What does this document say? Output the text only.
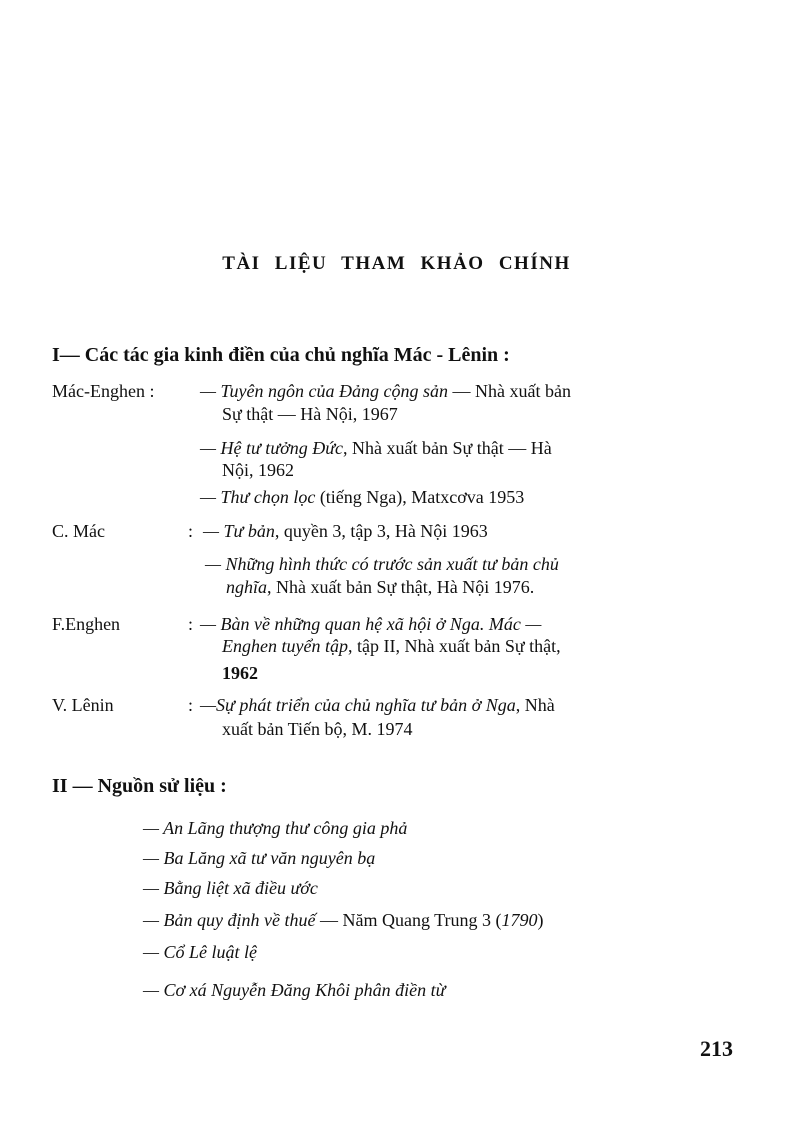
TÀI LIỆU THAM KHẢO CHÍNH
I— Các tác gia kinh điền của chủ nghĩa Mác - Lênin :
Mác-Enghen :
C. Mác
F.Enghen
V. Lênin
:
:
:
— Tuyên ngôn của Đảng cộng sản — Nhà xuất bản
Sự thật — Hà Nội, 1967
— Hệ tư tưởng Đức, Nhà xuất bản Sự thật — Hà
Nội, 1962
— Thư chọn lọc (tiếng Nga), Matxcơva 1953
— Tư bản, quyền 3, tập 3, Hà Nội 1963
— Những hình thức có trước sản xuất tư bản chủ
nghĩa, Nhà xuất bản Sự thật, Hà Nội 1976.
— Bàn về những quan hệ xã hội ở Nga. Mác —
Enghen tuyển tập, tập II, Nhà xuất bản Sự thật,
1962
—Sự phát triển của chủ nghĩa tư bản ở Nga, Nhà
xuất bản Tiến bộ, M. 1974
II — Nguồn sử liệu :
— An Lãng thượng thư công gia phả
— Ba Lăng xã tư văn nguyên bạ
— Bằng liệt xã điều ước
— Bản quy định về thuế — Năm Quang Trung 3 (1790)
— Cổ Lê luật lệ
— Cơ xá Nguyễn Đăng Khôi phân điền từ
213
